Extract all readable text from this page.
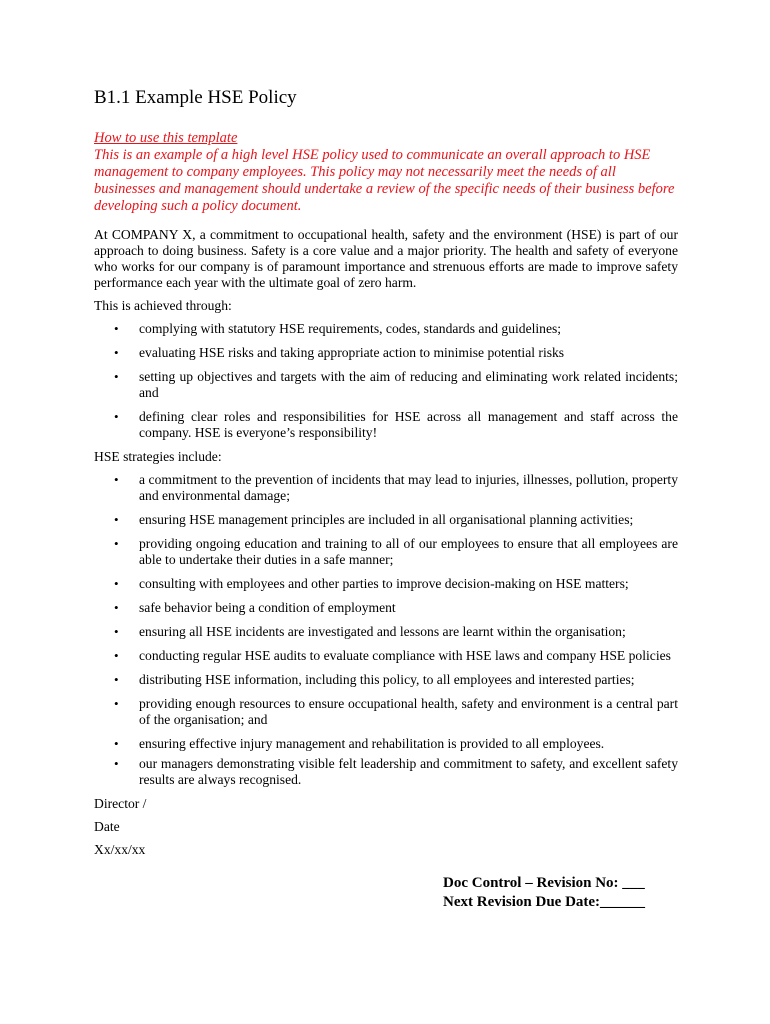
B1.1 Example HSE Policy
How to use this template
This is an example of a high level HSE policy used to communicate an overall approach to HSE management to company employees. This policy may not necessarily meet the needs of all businesses and management should undertake a review of the specific needs of their business before developing such a policy document.

At COMPANY X, a commitment to occupational health, safety and the environment (HSE) is part of our approach to doing business. Safety is a core value and a major priority. The health and safety of everyone who works for our company is of paramount importance and strenuous efforts are made to improve safety performance each year with the ultimate goal of zero harm.

This is achieved through:

• complying with statutory HSE requirements, codes, standards and guidelines;
• evaluating HSE risks and taking appropriate action to minimise potential risks
• setting up objectives and targets with the aim of reducing and eliminating work related incidents; and
• defining clear roles and responsibilities for HSE across all management and staff across the company. HSE is everyone’s responsibility!

HSE strategies include:

• a commitment to the prevention of incidents that may lead to injuries, illnesses, pollution, property and environmental damage;
• ensuring HSE management principles are included in all organisational planning activities;
• providing ongoing education and training to all of our employees to ensure that all employees are able to undertake their duties in a safe manner;
• consulting with employees and other parties to improve decision-making on HSE matters;
• safe behavior being a condition of employment
• ensuring all HSE incidents are investigated and lessons are learnt within the organisation;
• conducting regular HSE audits to evaluate compliance with HSE laws and company HSE policies
• distributing HSE information, including this policy, to all employees and interested parties;
• providing enough resources to ensure occupational health, safety and environment is a central part of the organisation; and
• ensuring effective injury management and rehabilitation is provided to all employees.
• our managers demonstrating visible felt leadership and commitment to safety, and excellent safety results are always recognised.

Director /

Date

Xx/xx/xx

Doc Control – Revision No: ___
Next Revision Due Date:______
